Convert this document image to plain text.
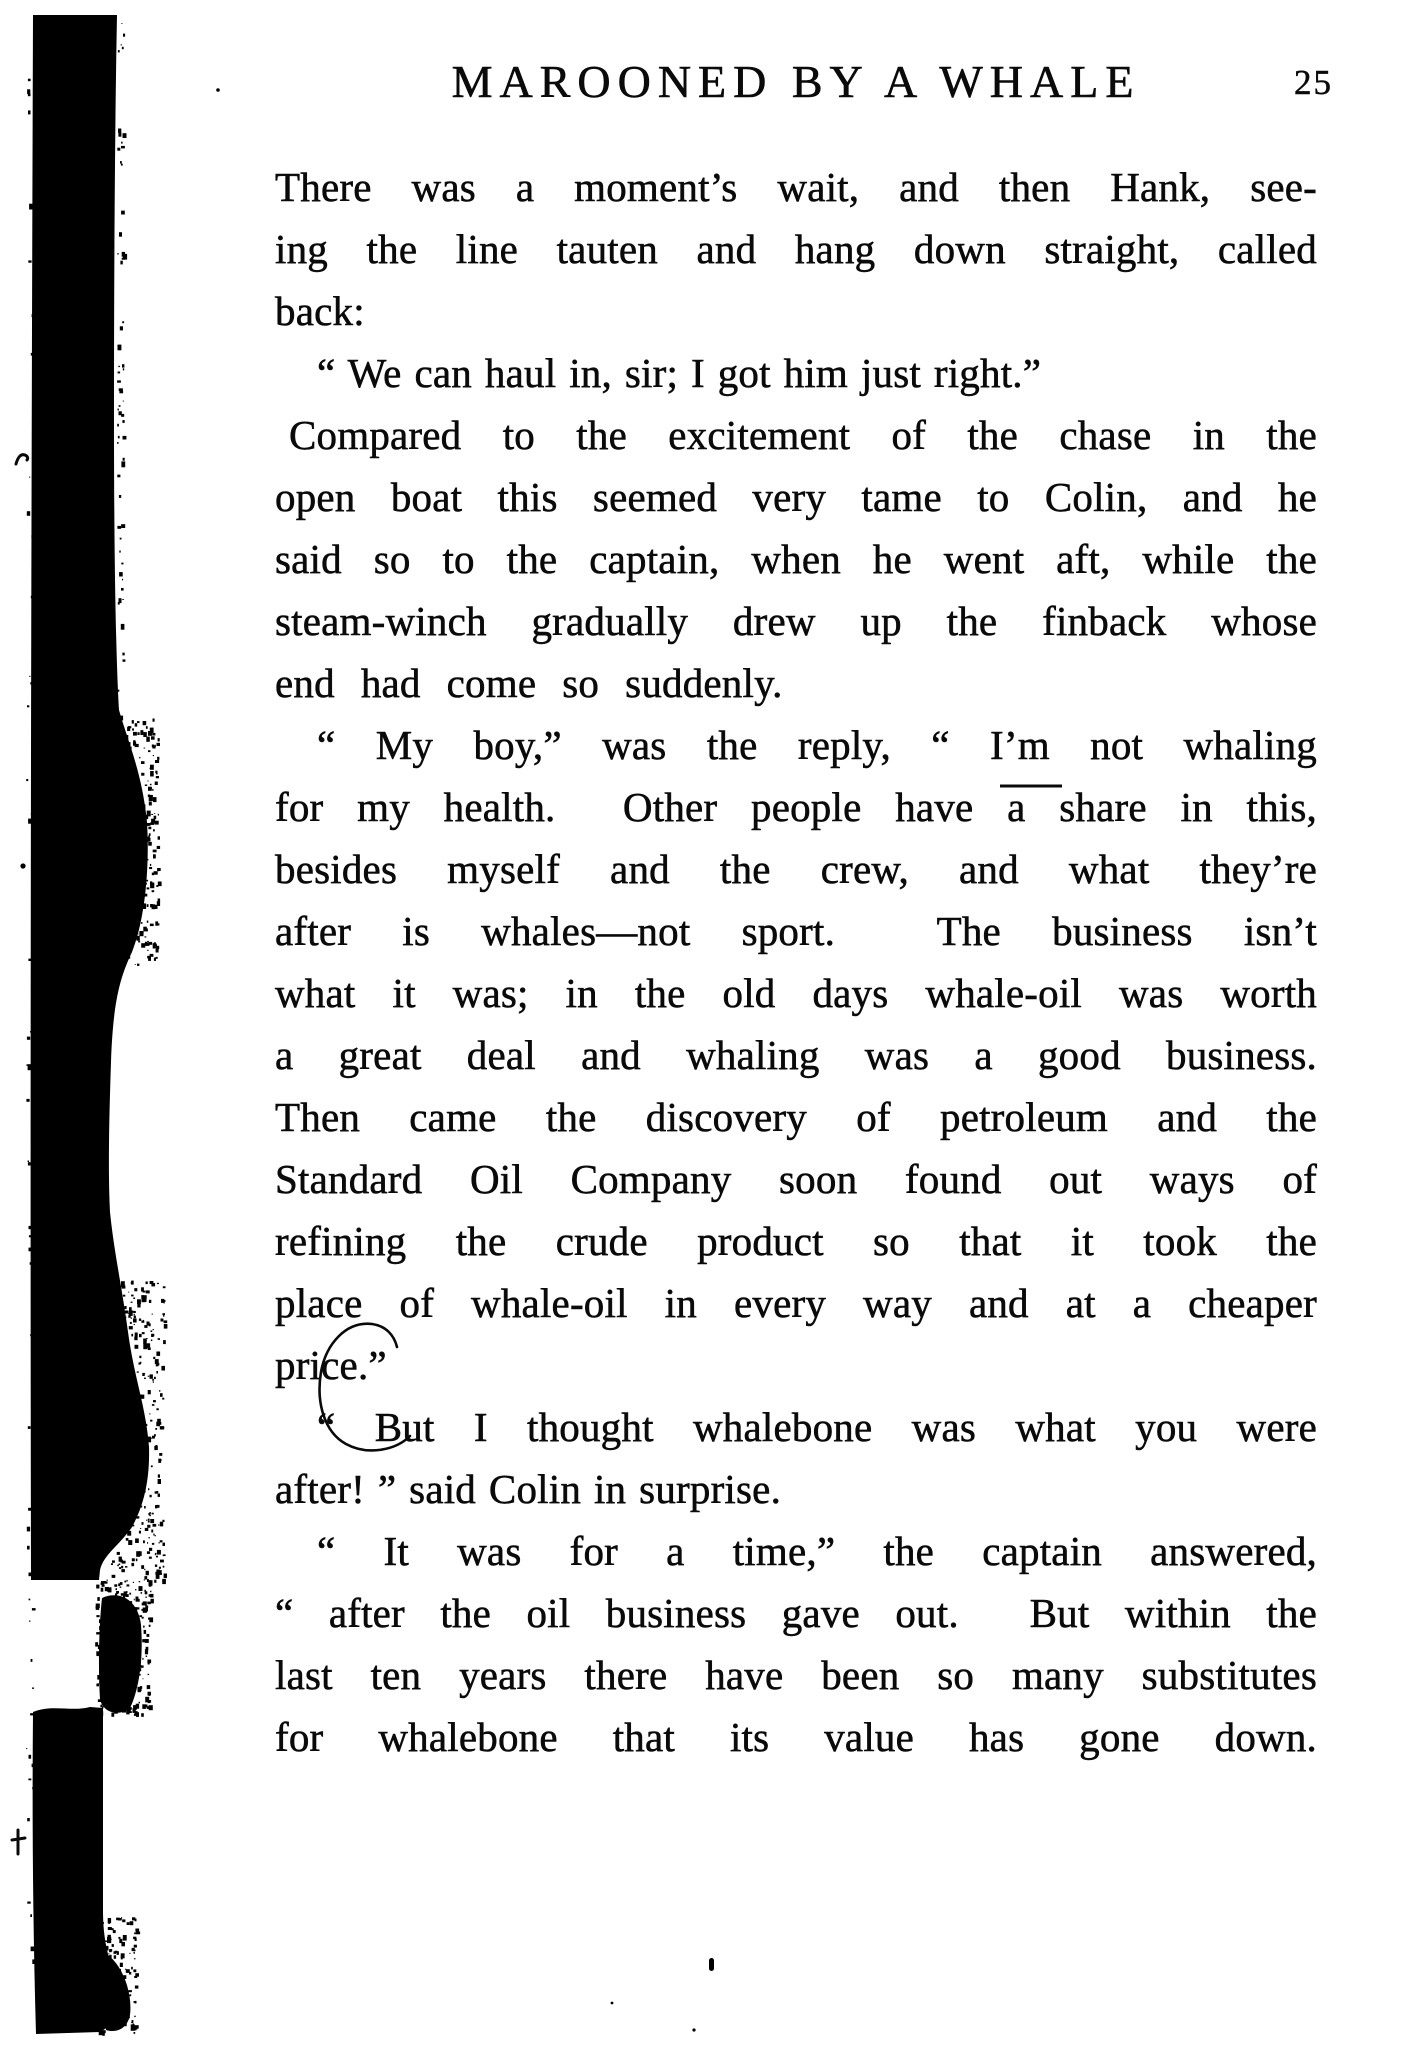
MAROONED BY A WHALE	25
There was a moment’s wait, and then Hank, see-
ing the line tauten and hang down straight, called
back:
“ We can haul in, sir; I got him just right.”
Compared to the excitement of the chase in the
open boat this seemed very tame to Colin, and he
said so to the captain, when he went aft, while the
steam-winch gradually drew up the finback whose
end had come so suddenly.
“ My boy,” was the reply, “ I’m not whaling
for my health.  Other people have a share in this,
besides myself and the crew, and what they’re
after is whales—not sport.  The business isn’t
what it was; in the old days whale-oil was worth
a great deal and whaling was a good business.
Then came the discovery of petroleum and the
Standard Oil Company soon found out ways of
refining the crude product so that it took the
place of whale-oil in every way and at a cheaper
price.”
“ But I thought whalebone was what you were
after! ” said Colin in surprise.
“ It was for a time,” the captain answered,
“ after the oil business gave out.  But within the
last ten years there have been so many substitutes
for whalebone that its value has gone down.
